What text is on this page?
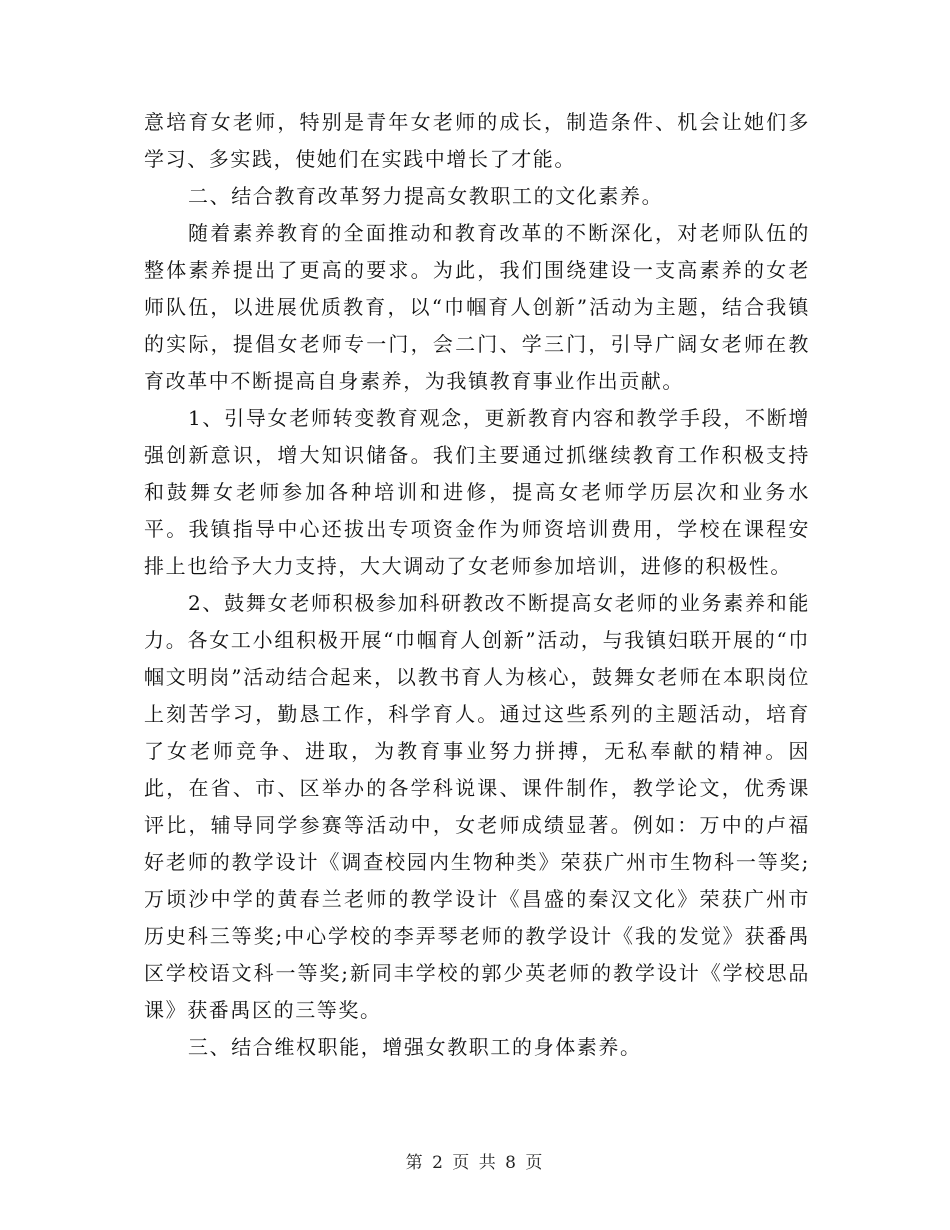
意培育女老师，特别是青年女老师的成长，制造条件、机会让她们多学习、多实践，使她们在实践中增长了才能。

二、结合教育改革努力提高女教职工的文化素养。

随着素养教育的全面推动和教育改革的不断深化，对老师队伍的整体素养提出了更高的要求。为此，我们围绕建设一支高素养的女老师队伍，以进展优质教育，以“巾帼育人创新”活动为主题，结合我镇的实际，提倡女老师专一门，会二门、学三门，引导广阔女老师在教育改革中不断提高自身素养，为我镇教育事业作出贡献。

1、引导女老师转变教育观念，更新教育内容和教学手段，不断增强创新意识，增大知识储备。我们主要通过抓继续教育工作积极支持和鼓舞女老师参加各种培训和进修，提高女老师学历层次和业务水平。我镇指导中心还拔出专项资金作为师资培训费用，学校在课程安排上也给予大力支持，大大调动了女老师参加培训，进修的积极性。

2、鼓舞女老师积极参加科研教改不断提高女老师的业务素养和能力。各女工小组积极开展“巾帼育人创新”活动，与我镇妇联开展的“巾帼文明岗”活动结合起来，以教书育人为核心，鼓舞女老师在本职岗位上刻苦学习，勤恳工作，科学育人。通过这些系列的主题活动，培育了女老师竞争、进取，为教育事业努力拼搏，无私奉献的精神。因此，在省、市、区举办的各学科说课、课件制作，教学论文，优秀课评比，辅导同学参赛等活动中，女老师成绩显著。例如：万中的卢福好老师的教学设计《调查校园内生物种类》荣获广州市生物科一等奖;万顷沙中学的黄春兰老师的教学设计《昌盛的秦汉文化》荣获广州市历史科三等奖;中心学校的李弄琴老师的教学设计《我的发觉》获番禺区学校语文科一等奖;新同丰学校的郭少英老师的教学设计《学校思品课》获番禺区的三等奖。

三、结合维权职能，增强女教职工的身体素养。

第 2 页 共 8 页
